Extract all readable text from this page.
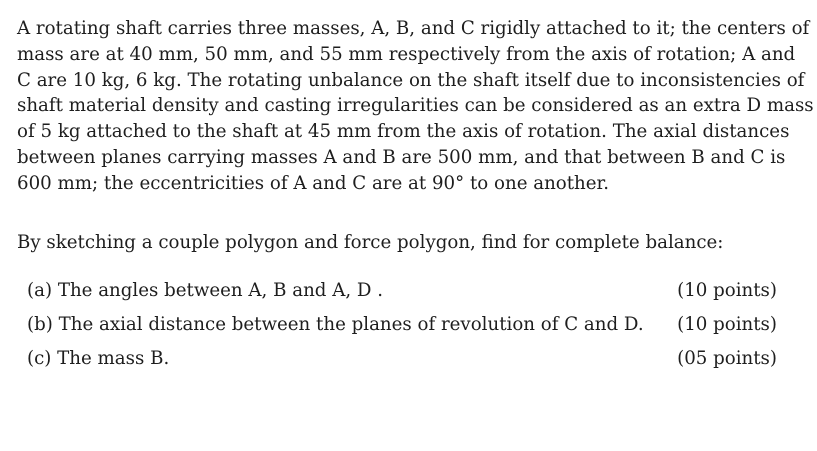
A rotating shaft carries three masses, A, B, and C rigidly attached to it; the centers of
mass are at 40 mm, 50 mm, and 55 mm respectively from the axis of rotation; A and
C are 10 kg, 6 kg. The rotating unbalance on the shaft itself due to inconsistencies of
shaft material density and casting irregularities can be considered as an extra D mass
of 5 kg attached to the shaft at 45 mm from the axis of rotation. The axial distances
between planes carrying masses A and B are 500 mm, and that between B and C is
600 mm; the eccentricities of A and C are at 90° to one another.
By sketching a couple polygon and force polygon, find for complete balance:
(a) The angles between A, B and A, D .	(10 points)
(b) The axial distance between the planes of revolution of C and D. (10 points)
(c) The mass B.	(05 points)
